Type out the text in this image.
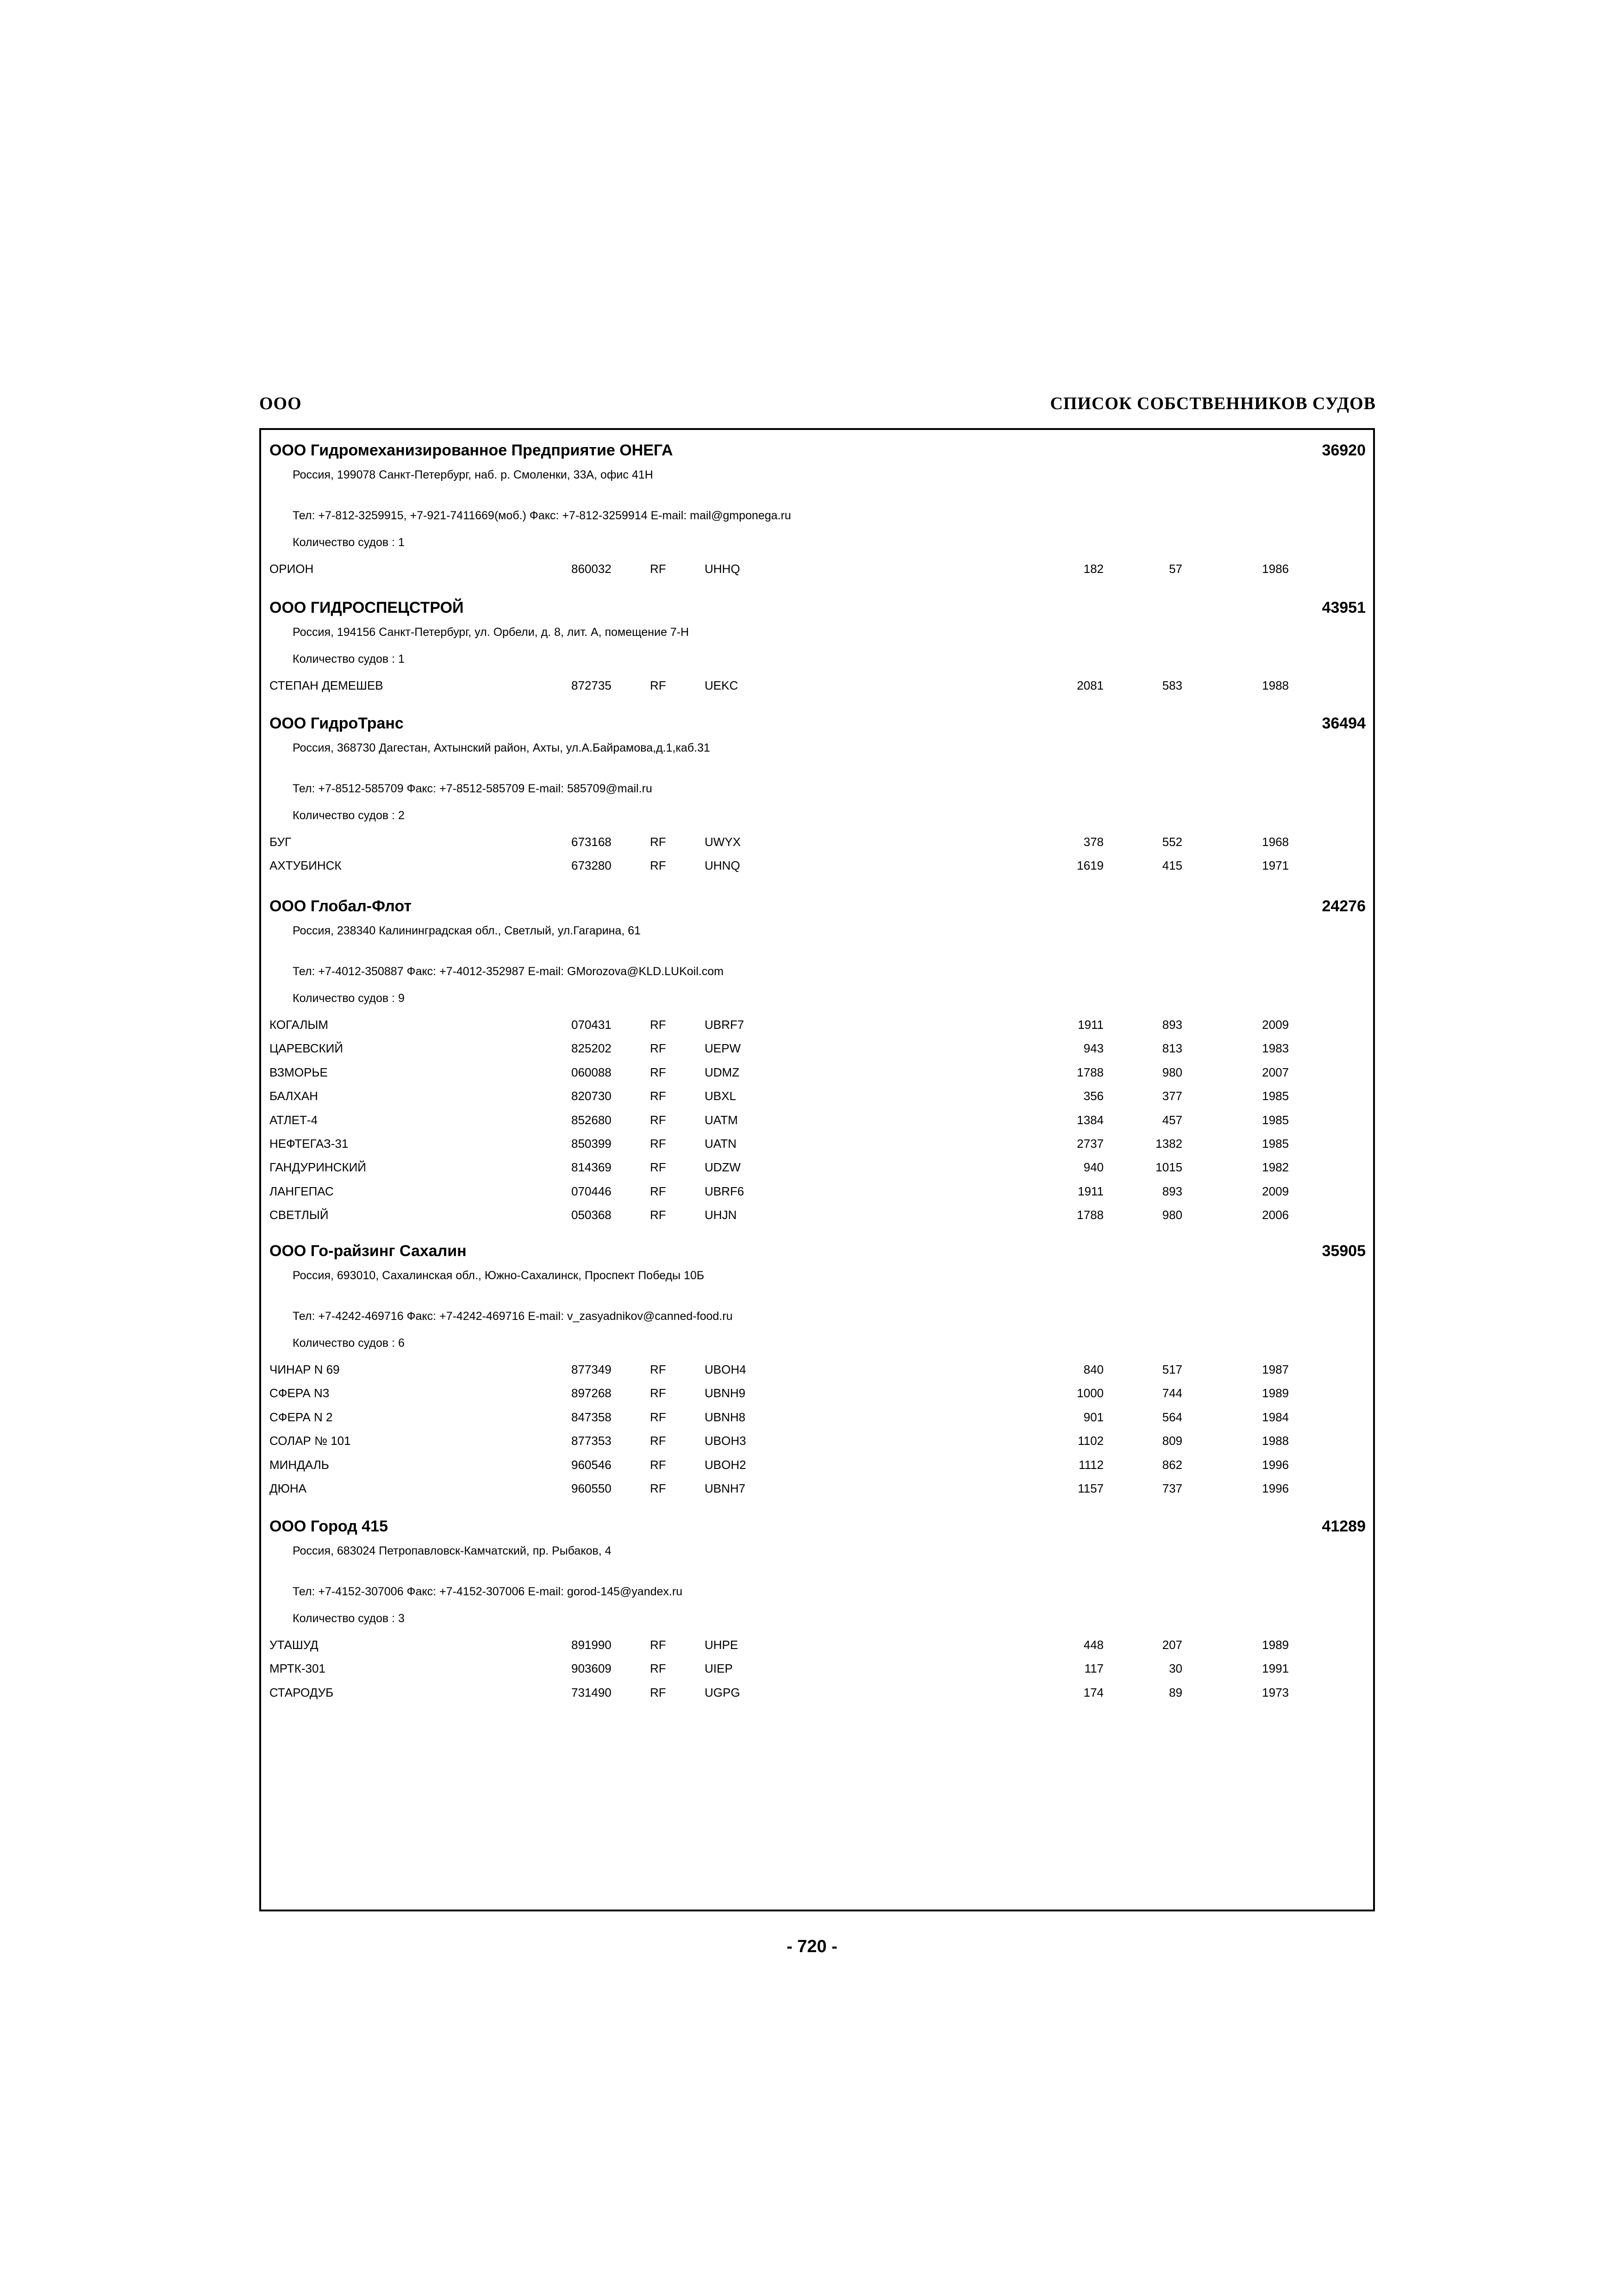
ООО	СПИСОК СОБСТВЕННИКОВ СУДОВ
ООО Гидромеханизированное Предприятие ОНЕГА	36920
Россия, 199078 Санкт-Петербург, наб. р. Смоленки, 33А, офис 41Н
Тел: +7-812-3259915, +7-921-7411669(моб.) Факс: +7-812-3259914 E-mail: mail@gmponega.ru
Количество судов : 1
ОРИОН	860032	RF	UHHQ	182	57	1986
ООО ГИДРОСПЕЦСТРОЙ	43951
Россия, 194156 Санкт-Петербург, ул. Орбели, д. 8, лит. А, помещение 7-Н
Количество судов : 1
СТЕПАН ДЕМЕШЕВ	872735	RF	UEKC	2081	583	1988
ООО ГидроТранс	36494
Россия, 368730 Дагестан, Ахтынский район, Ахты, ул.А.Байрамова,д.1,каб.31
Тел: +7-8512-585709 Факс: +7-8512-585709 E-mail: 585709@mail.ru
Количество судов : 2
БУГ	673168	RF	UWYX	378	552	1968
АХТУБИНСК	673280	RF	UHNQ	1619	415	1971
ООО Глобал-Флот	24276
Россия, 238340 Калининградская обл., Светлый, ул.Гагарина, 61
Тел: +7-4012-350887 Факс: +7-4012-352987 E-mail: GMorozova@KLD.LUKoil.com
Количество судов : 9
КОГАЛЫМ	070431	RF	UBRF7	1911	893	2009
ЦАРЕВСКИЙ	825202	RF	UEPW	943	813	1983
ВЗМОРЬЕ	060088	RF	UDMZ	1788	980	2007
БАЛХАН	820730	RF	UBXL	356	377	1985
АТЛЕТ-4	852680	RF	UATM	1384	457	1985
НЕФТЕГАЗ-31	850399	RF	UATN	2737	1382	1985
ГАНДУРИНСКИЙ	814369	RF	UDZW	940	1015	1982
ЛАНГЕПАС	070446	RF	UBRF6	1911	893	2009
СВЕТЛЫЙ	050368	RF	UHJN	1788	980	2006
ООО Го-райзинг Сахалин	35905
Россия, 693010, Сахалинская обл., Южно-Сахалинск, Проспект Победы 10Б
Тел: +7-4242-469716 Факс: +7-4242-469716 E-mail: v_zasyadnikov@canned-food.ru
Количество судов : 6
ЧИНАР N 69	877349	RF	UBOH4	840	517	1987
СФЕРА N3	897268	RF	UBNH9	1000	744	1989
СФЕРА N 2	847358	RF	UBNH8	901	564	1984
СОЛАР № 101	877353	RF	UBOH3	1102	809	1988
МИНДАЛЬ	960546	RF	UBOH2	1112	862	1996
ДЮНА	960550	RF	UBNH7	1157	737	1996
ООО Город 415	41289
Россия, 683024 Петропавловск-Камчатский, пр. Рыбаков, 4
Тел: +7-4152-307006 Факс: +7-4152-307006 E-mail: gorod-145@yandex.ru
Количество судов : 3
УТАШУД	891990	RF	UHPE	448	207	1989
МРТК-301	903609	RF	UIEP	117	30	1991
СТАРОДУБ	731490	RF	UGPG	174	89	1973
- 720 -
